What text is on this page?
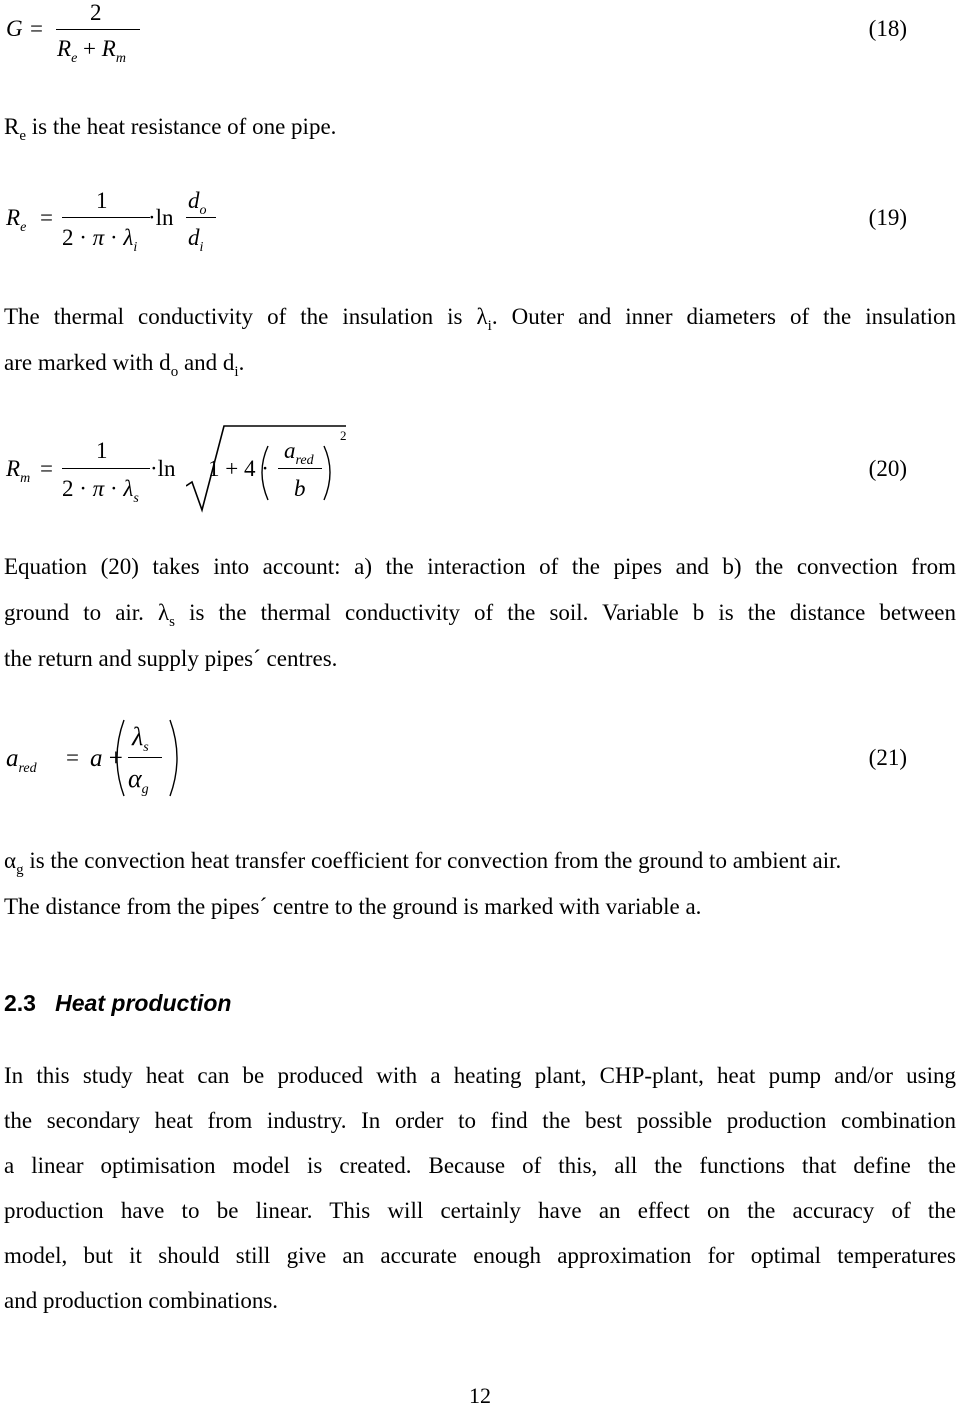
G =
2
$R_e + R_m$
(18)
$R_e$ is the heat resistance of one pipe.
$R_e$ =
1
$2 \cdot \pi \cdot \lambda_i$
·ln
$d_o$
$d_i$
(19)
The thermal conductivity of the insulation is $\lambda_i$. Outer and inner diameters of the insulation
are marked with $d_o$ and $d_i$.
$R_m$ =
1
$2 \cdot \pi \cdot \lambda_s$
·ln 1 + 4 ·
$a_{red}$
b
2
(20)
Equation (20) takes into account: a) the interaction of the pipes and b) the convection from
ground to air. $\lambda_s$ is the thermal conductivity of the soil. Variable b is the distance between
the return and supply pipes´ centres.
$a_{red} = a$ +
$\lambda_s$
$\alpha_g$
(21)
$\alpha_g$ is the convection heat transfer coefficient for convection from the ground to ambient air.
The distance from the pipes´ centre to the ground is marked with variable a.
2.3 Heat production
In this study heat can be produced with a heating plant, CHP-plant, heat pump and/or using
the secondary heat from industry. In order to find the best possible production combination
a linear optimisation model is created. Because of this, all the functions that define the
production have to be linear. This will certainly have an effect on the accuracy of the
model, but it should still give an accurate enough approximation for optimal temperatures
and production combinations.
12
